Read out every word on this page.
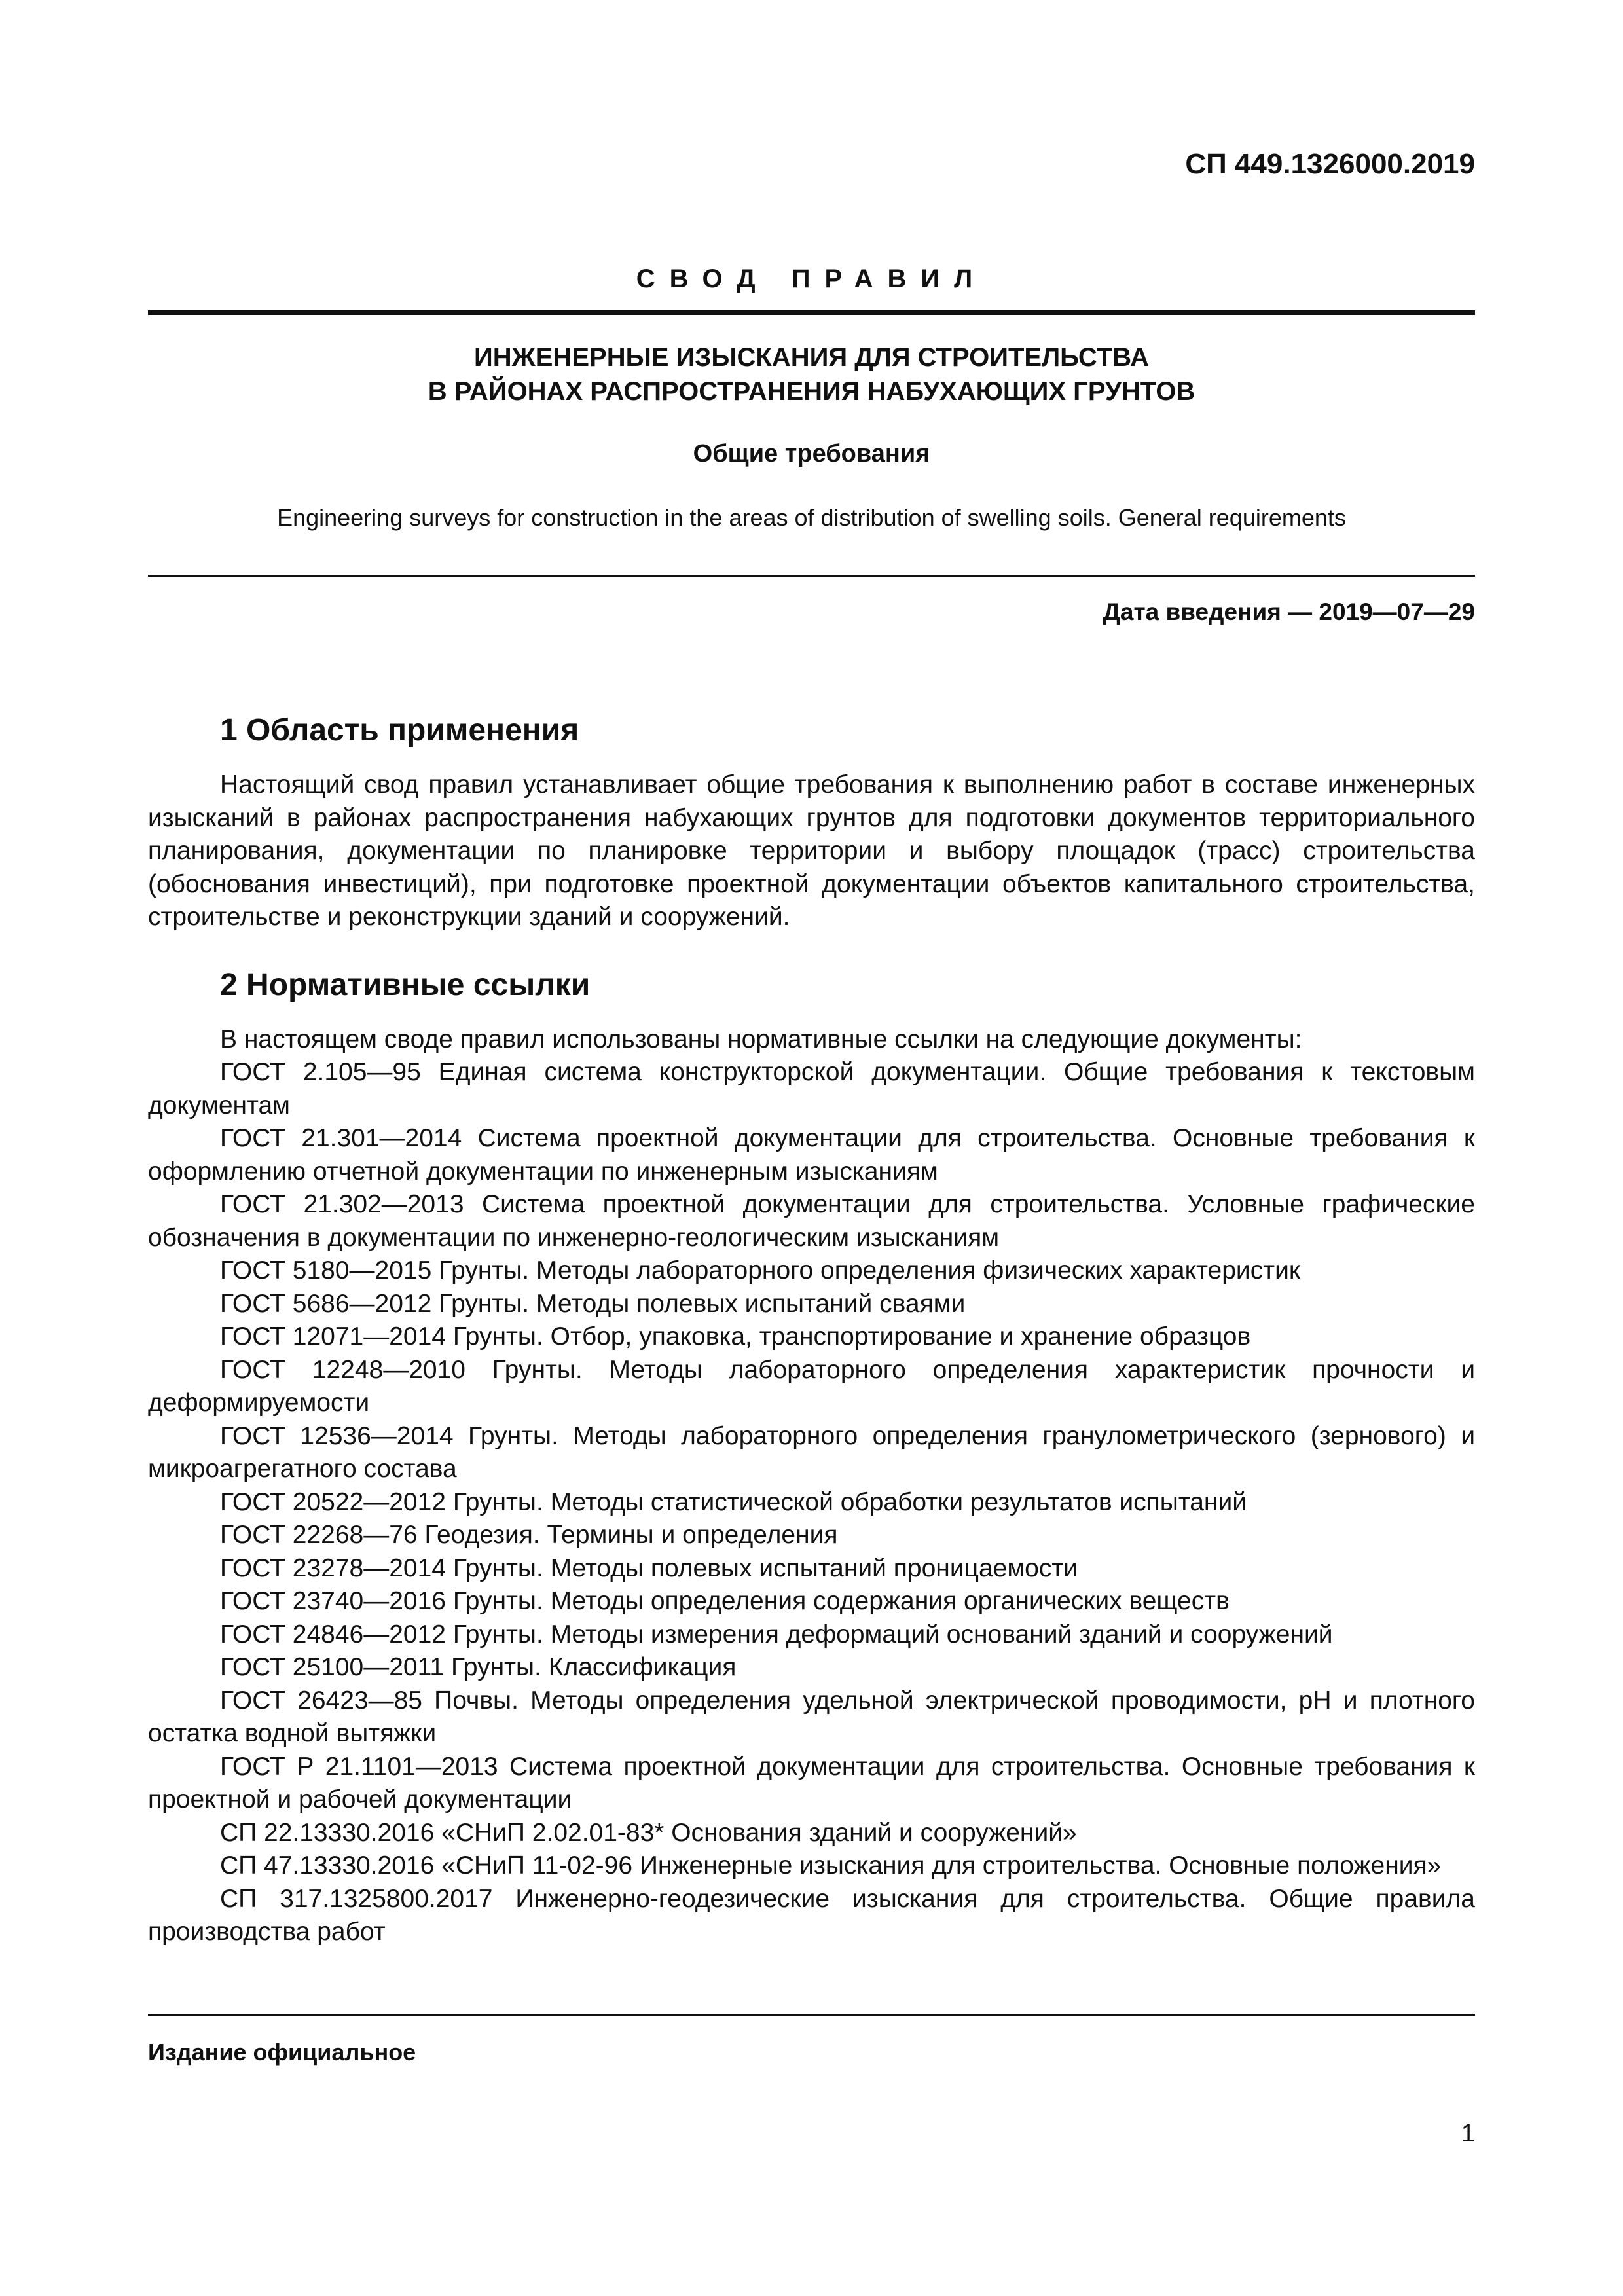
СП 449.1326000.2019
СВОД ПРАВИЛ
ИНЖЕНЕРНЫЕ ИЗЫСКАНИЯ ДЛЯ СТРОИТЕЛЬСТВА
В РАЙОНАХ РАСПРОСТРАНЕНИЯ НАБУХАЮЩИХ ГРУНТОВ
Общие требования
Engineering surveys for construction in the areas of distribution of swelling soils. General requirements
Дата введения — 2019—07—29
1 Область применения

Настоящий свод правил устанавливает общие требования к выполнению работ в составе инженерных изысканий в районах распространения набухающих грунтов для подготовки документов территориального планирования, документации по планировке территории и выбору площадок (трасс) строительства (обоснования инвестиций), при подготовке проектной документации объектов капитального строительства, строительстве и реконструкции зданий и сооружений.

2 Нормативные ссылки

В настоящем своде правил использованы нормативные ссылки на следующие документы:

ГОСТ 2.105—95 Единая система конструкторской документации. Общие требования к текстовым документам

ГОСТ 21.301—2014 Система проектной документации для строительства. Основные требования к оформлению отчетной документации по инженерным изысканиям

ГОСТ 21.302—2013 Система проектной документации для строительства. Условные графические обозначения в документации по инженерно-геологическим изысканиям

ГОСТ 5180—2015 Грунты. Методы лабораторного определения физических характеристик

ГОСТ 5686—2012 Грунты. Методы полевых испытаний сваями

ГОСТ 12071—2014 Грунты. Отбор, упаковка, транспортирование и хранение образцов

ГОСТ 12248—2010 Грунты. Методы лабораторного определения характеристик прочности и деформируемости

ГОСТ 12536—2014 Грунты. Методы лабораторного определения гранулометрического (зернового) и микроагрегатного состава

ГОСТ 20522—2012 Грунты. Методы статистической обработки результатов испытаний

ГОСТ 22268—76 Геодезия. Термины и определения

ГОСТ 23278—2014 Грунты. Методы полевых испытаний проницаемости

ГОСТ 23740—2016 Грунты. Методы определения содержания органических веществ

ГОСТ 24846—2012 Грунты. Методы измерения деформаций оснований зданий и сооружений

ГОСТ 25100—2011 Грунты. Классификация

ГОСТ 26423—85 Почвы. Методы определения удельной электрической проводимости, pH и плотного остатка водной вытяжки

ГОСТ Р 21.1101—2013 Система проектной документации для строительства. Основные требования к проектной и рабочей документации

СП 22.13330.2016 «СНиП 2.02.01-83* Основания зданий и сооружений»

СП 47.13330.2016 «СНиП 11-02-96 Инженерные изыскания для строительства. Основные положения»

СП 317.1325800.2017 Инженерно-геодезические изыскания для строительства. Общие правила производства работ

Издание официальное
1
